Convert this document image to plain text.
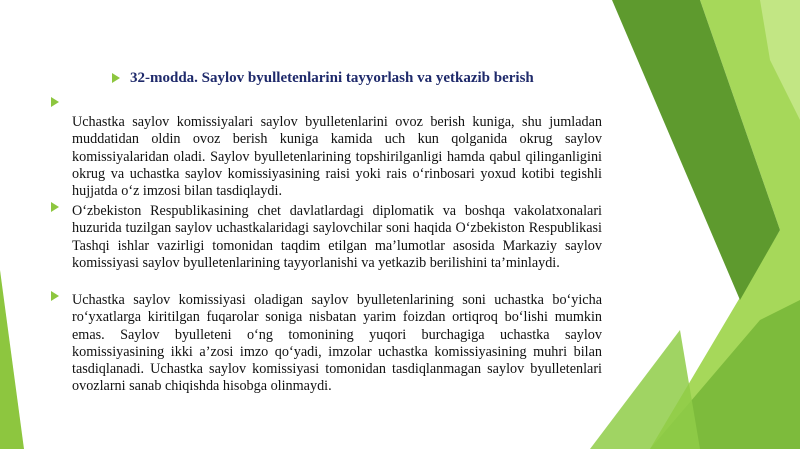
32-modda. Saylov byulletenlarini tayyorlash va yetkazib berish
Uchastka saylov komissiyalari saylov byulletenlarini ovoz berish kuniga, shu jumladan muddatidan oldin ovoz berish kuniga kamida uch kun qolganida okrug saylov komissiyalaridan oladi. Saylov byulletenlarining topshirilganligi hamda qabul qilinganligini okrug va uchastka saylov komissiyasining raisi yoki rais o‘rinbosari yoxud kotibi tegishli hujjatda o‘z imzosi bilan tasdiqlaydi.
O‘zbekiston Respublikasining chet davlatlardagi diplomatik va boshqa vakolatxonalari huzurida tuzilgan saylov uchastkalaridagi saylovchilar soni haqida O‘zbekiston Respublikasi Tashqi ishlar vazirligi tomonidan taqdim etilgan ma’lumotlar asosida Markaziy saylov komissiyasi saylov byulletenlarining tayyorlanishi va yetkazib berilishini ta’minlaydi.
Uchastka saylov komissiyasi oladigan saylov byulletenlarining soni uchastka bo‘yicha ro‘yxatlarga kiritilgan fuqarolar soniga nisbatan yarim foizdan ortiqroq bo‘lishi mumkin emas. Saylov byulleteni o‘ng tomonining yuqori burchagiga uchastka saylov komissiyasining ikki a’zosi imzo qo‘yadi, imzolar uchastka komissiyasining muhri bilan tasdiqlanadi. Uchastka saylov komissiyasi tomonidan tasdiqlanmagan saylov byulletenlari ovozlarni sanab chiqishda hisobga olinmaydi.
